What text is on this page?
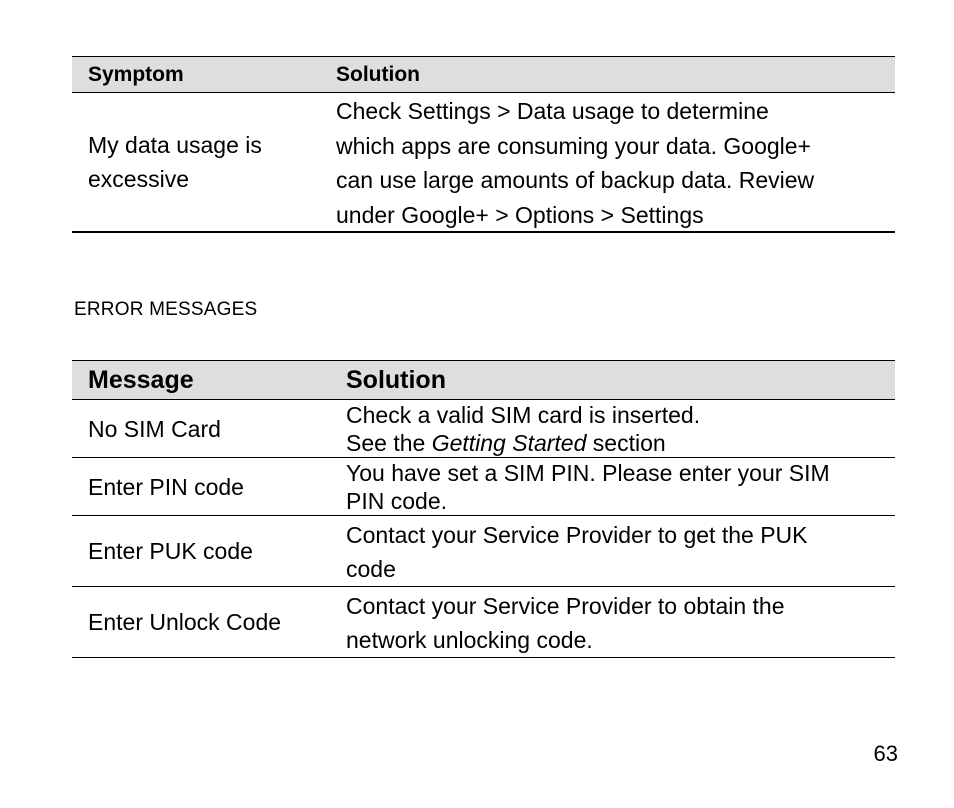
Symptom	Solution
My data usage is
excessive
Check Settings > Data usage to determine
which apps are consuming your data. Google+
can use large amounts of backup data. Review
under Google+ > Options > Settings
ERROR MESSAGES
Message	Solution
No SIM Card
Check a valid SIM card is inserted.
See the Getting Started section
Enter PIN code
You have set a SIM PIN. Please enter your SIM
PIN code.
Enter PUK code
Contact your Service Provider to get the PUK
code
Enter Unlock Code
Contact your Service Provider to obtain the
network unlocking code.
63
